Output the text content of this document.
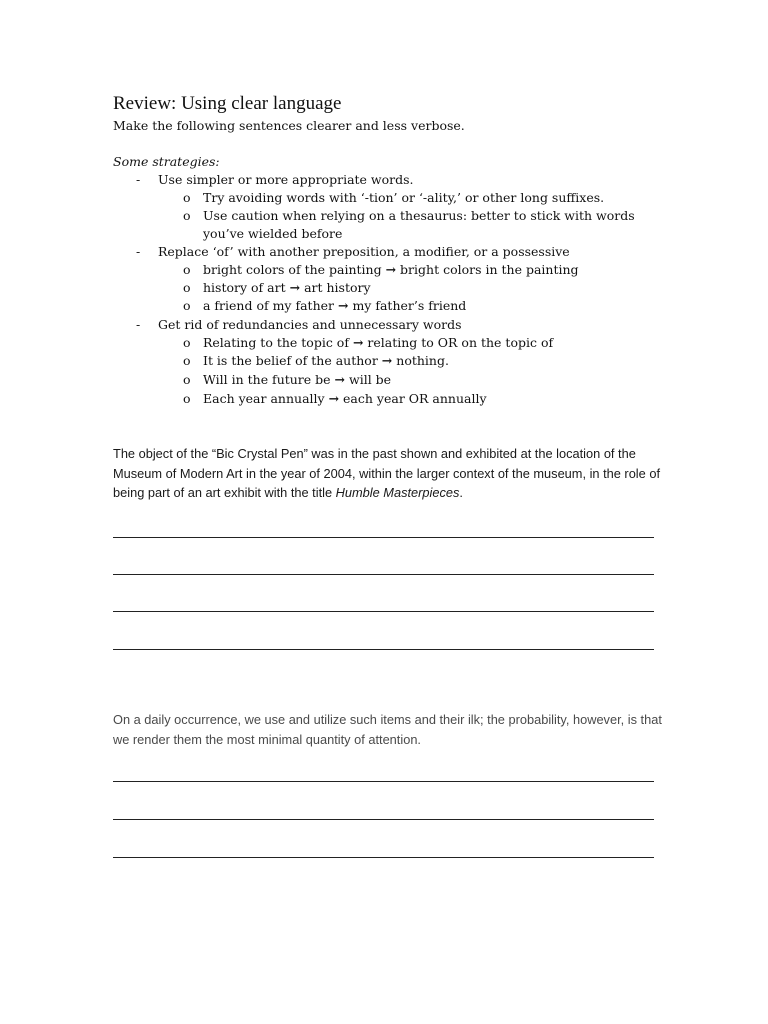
Review: Using clear language
Make the following sentences clearer and less verbose.
Some strategies:
- Use simpler or more appropriate words.
o Try avoiding words with ‘-tion’ or ‘-ality,’ or other long suffixes.
o Use caution when relying on a thesaurus: better to stick with words you’ve wielded before
- Replace ‘of’ with another preposition, a modifier, or a possessive
o bright colors of the painting → bright colors in the painting
o history of art → art history
o a friend of my father → my father’s friend
- Get rid of redundancies and unnecessary words
o Relating to the topic of → relating to OR on the topic of
o It is the belief of the author → nothing.
o Will in the future be → will be
o Each year annually → each year OR annually

The object of the “Bic Crystal Pen” was in the past shown and exhibited at the location of the Museum of Modern Art in the year of 2004, within the larger context of the museum, in the role of being part of an art exhibit with the title Humble Masterpieces.

On a daily occurrence, we use and utilize such items and their ilk; the probability, however, is that we render them the most minimal quantity of attention.
